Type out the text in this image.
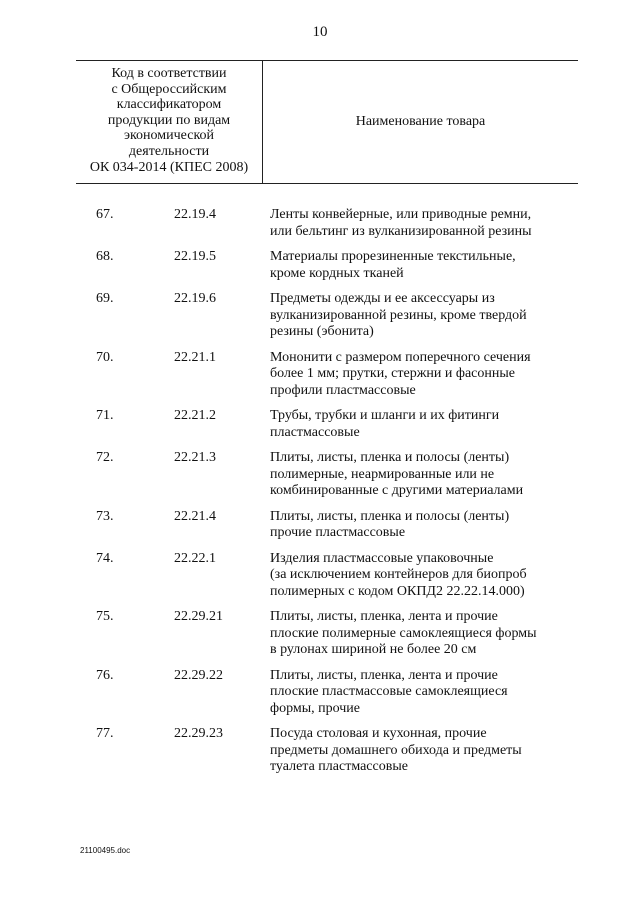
10
Код в соответствии
с Общероссийским
классификатором
продукции по видам
экономической
деятельности
ОК 034-2014 (КПЕС 2008)
Наименование товара
67.	22.19.4	Ленты конвейерные, или приводные ремни,
или бельтинг из вулканизированной резины
68.	22.19.5	Материалы прорезиненные текстильные,
кроме кордных тканей
69.	22.19.6	Предметы одежды и ее аксессуары из
вулканизированной резины, кроме твердой
резины (эбонита)
70.	22.21.1	Мононити с размером поперечного сечения
более 1 мм; прутки, стержни и фасонные
профили пластмассовые
71.	22.21.2	Трубы, трубки и шланги и их фитинги
пластмассовые
72.	22.21.3	Плиты, листы, пленка и полосы (ленты)
полимерные, неармированные или не
комбинированные с другими материалами
73.	22.21.4	Плиты, листы, пленка и полосы (ленты)
прочие пластмассовые
74.	22.22.1	Изделия пластмассовые упаковочные
(за исключением контейнеров для биопроб
полимерных с кодом ОКПД2 22.22.14.000)
75.	22.29.21	Плиты, листы, пленка, лента и прочие
плоские полимерные самоклеящиеся формы
в рулонах шириной не более 20 см
76.	22.29.22	Плиты, листы, пленка, лента и прочие
плоские пластмассовые самоклеящиеся
формы, прочие
77.	22.29.23	Посуда столовая и кухонная, прочие
предметы домашнего обихода и предметы
туалета пластмассовые
21100495.doc
